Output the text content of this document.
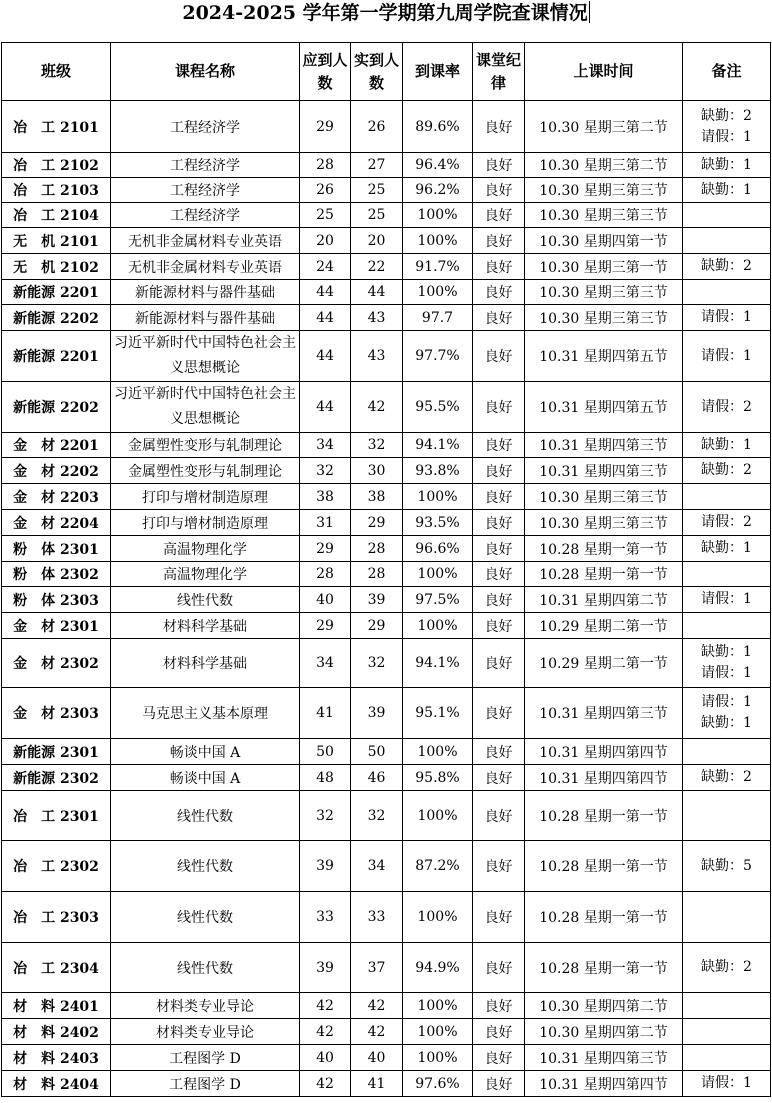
2024-2025 学年第一学期第九周学院查课情况
班级	课程名称	应到人数	实到人数	到课率	课堂纪律	上课时间	备注
冶　工 2101	工程经济学	29	26	89.6%	良好	10.30 星期三第二节	缺勤：2
请假：1

冶　工 2102	工程经济学	28	27	96.4%	良好	10.30 星期三第二节	缺勤：1

冶　工 2103	工程经济学	26	25	96.2%	良好	10.30 星期三第三节	缺勤：1

冶　工 2104	工程经济学	25	25	100%	良好	10.30 星期三第三节	
无　机 2101	无机非金属材料专业英语	20	20	100%	良好	10.30 星期四第一节	
无　机 2102	无机非金属材料专业英语	24	22	91.7%	良好	10.30 星期三第一节	缺勤：2

新能源 2201	新能源材料与器件基础	44	44	100%	良好	10.30 星期三第三节	
新能源 2202	新能源材料与器件基础	44	43	97.7	良好	10.30 星期三第三节	请假：1

新能源 2201	习近平新时代中国特色社会主义思想概论	44	43	97.7%	良好	10.31 星期四第五节	请假：1

新能源 2202	习近平新时代中国特色社会主义思想概论	44	42	95.5%	良好	10.31 星期四第五节	请假：2

金　材 2201	金属塑性变形与轧制理论	34	32	94.1%	良好	10.31 星期四第三节	缺勤：1

金　材 2202	金属塑性变形与轧制理论	32	30	93.8%	良好	10.31 星期四第三节	缺勤：2

金　材 2203	打印与增材制造原理	38	38	100%	良好	10.30 星期三第三节	
金　材 2204	打印与增材制造原理	31	29	93.5%	良好	10.30 星期三第三节	请假：2

粉　体 2301	高温物理化学	29	28	96.6%	良好	10.28 星期一第一节	缺勤：1

粉　体 2302	高温物理化学	28	28	100%	良好	10.28 星期一第一节	
粉　体 2303	线性代数	40	39	97.5%	良好	10.31 星期四第二节	请假：1

金　材 2301	材料科学基础	29	29	100%	良好	10.29 星期二第一节	
金　材 2302	材料科学基础	34	32	94.1%	良好	10.29 星期二第一节	缺勤：1
请假：1

金　材 2303	马克思主义基本原理	41	39	95.1%	良好	10.31 星期四第三节	请假：1
缺勤：1

新能源 2301	畅谈中国 A	50	50	100%	良好	10.31 星期四第四节	
新能源 2302	畅谈中国 A	48	46	95.8%	良好	10.31 星期四第四节	缺勤：2

冶　工 2301	线性代数	32	32	100%	良好	10.28 星期一第一节	
冶　工 2302	线性代数	39	34	87.2%	良好	10.28 星期一第一节	缺勤：5

冶　工 2303	线性代数	33	33	100%	良好	10.28 星期一第一节	
冶　工 2304	线性代数	39	37	94.9%	良好	10.28 星期一第一节	缺勤：2

材　料 2401	材料类专业导论	42	42	100%	良好	10.30 星期四第二节	
材　料 2402	材料类专业导论	42	42	100%	良好	10.30 星期四第二节	
材　料 2403	工程图学 D	40	40	100%	良好	10.31 星期四第三节	
材　料 2404	工程图学 D	42	41	97.6%	良好	10.31 星期四第四节	请假：1
